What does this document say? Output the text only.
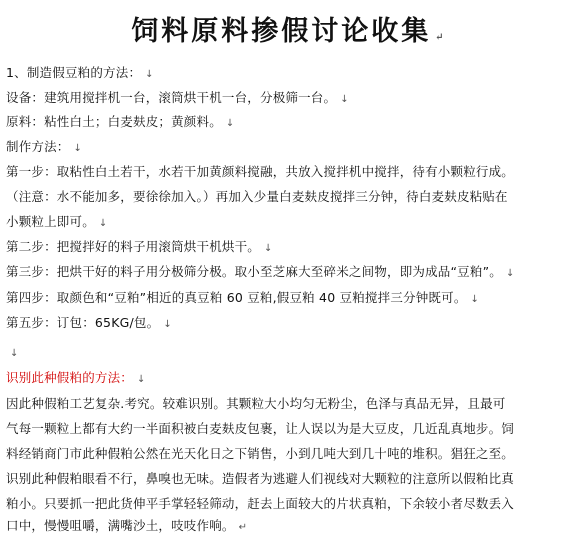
饲料原料掺假讨论收集 ↵
1、制造假豆粕的方法： ↓
设备：建筑用搅拌机一台，滚筒烘干机一台，分极筛一台。 ↓
原料：粘性白土；白麦麸皮；黄颜料。 ↓
制作方法： ↓
第一步：取粘性白土若干，水若干加黄颜料搅融，共放入搅拌机中搅拌，待有小颗粒行成。
（注意：水不能加多，要徐徐加入。）再加入少量白麦麸皮搅拌三分钟，待白麦麸皮粘贴在
小颗粒上即可。 ↓
第二步：把搅拌好的料子用滚筒烘干机烘干。 ↓
第三步：把烘干好的料子用分极筛分极。取小至芝麻大至碎米之间物，即为成品“豆粕”。 ↓
第四步：取颜色和“豆粕”相近的真豆粕 60 豆粕,假豆粕 40 豆粕搅拌三分钟既可。 ↓
第五步：订包：65KG/包。 ↓
↓
识别此种假粕的方法： ↓
因此种假粕工艺复杂.考究。较难识别。其颗粒大小均匀无粉尘，色泽与真品无异，且最可
气每一颗粒上都有大约一半面积被白麦麸皮包裹，让人误以为是大豆皮，几近乱真地步。饲
料经销商门市此种假粕公然在光天化日之下销售，小到几吨大到几十吨的堆积。猖狂之至。
识别此种假粕眼看不行，鼻嗅也无味。造假者为逃避人们视线对大颗粒的注意所以假粕比真
粕小。只要抓一把此货伸平手掌轻轻筛动，赶去上面较大的片状真粕，下余较小者尽数丢入
口中，慢慢咀嚼，满嘴沙土，吱吱作响。 ↵
